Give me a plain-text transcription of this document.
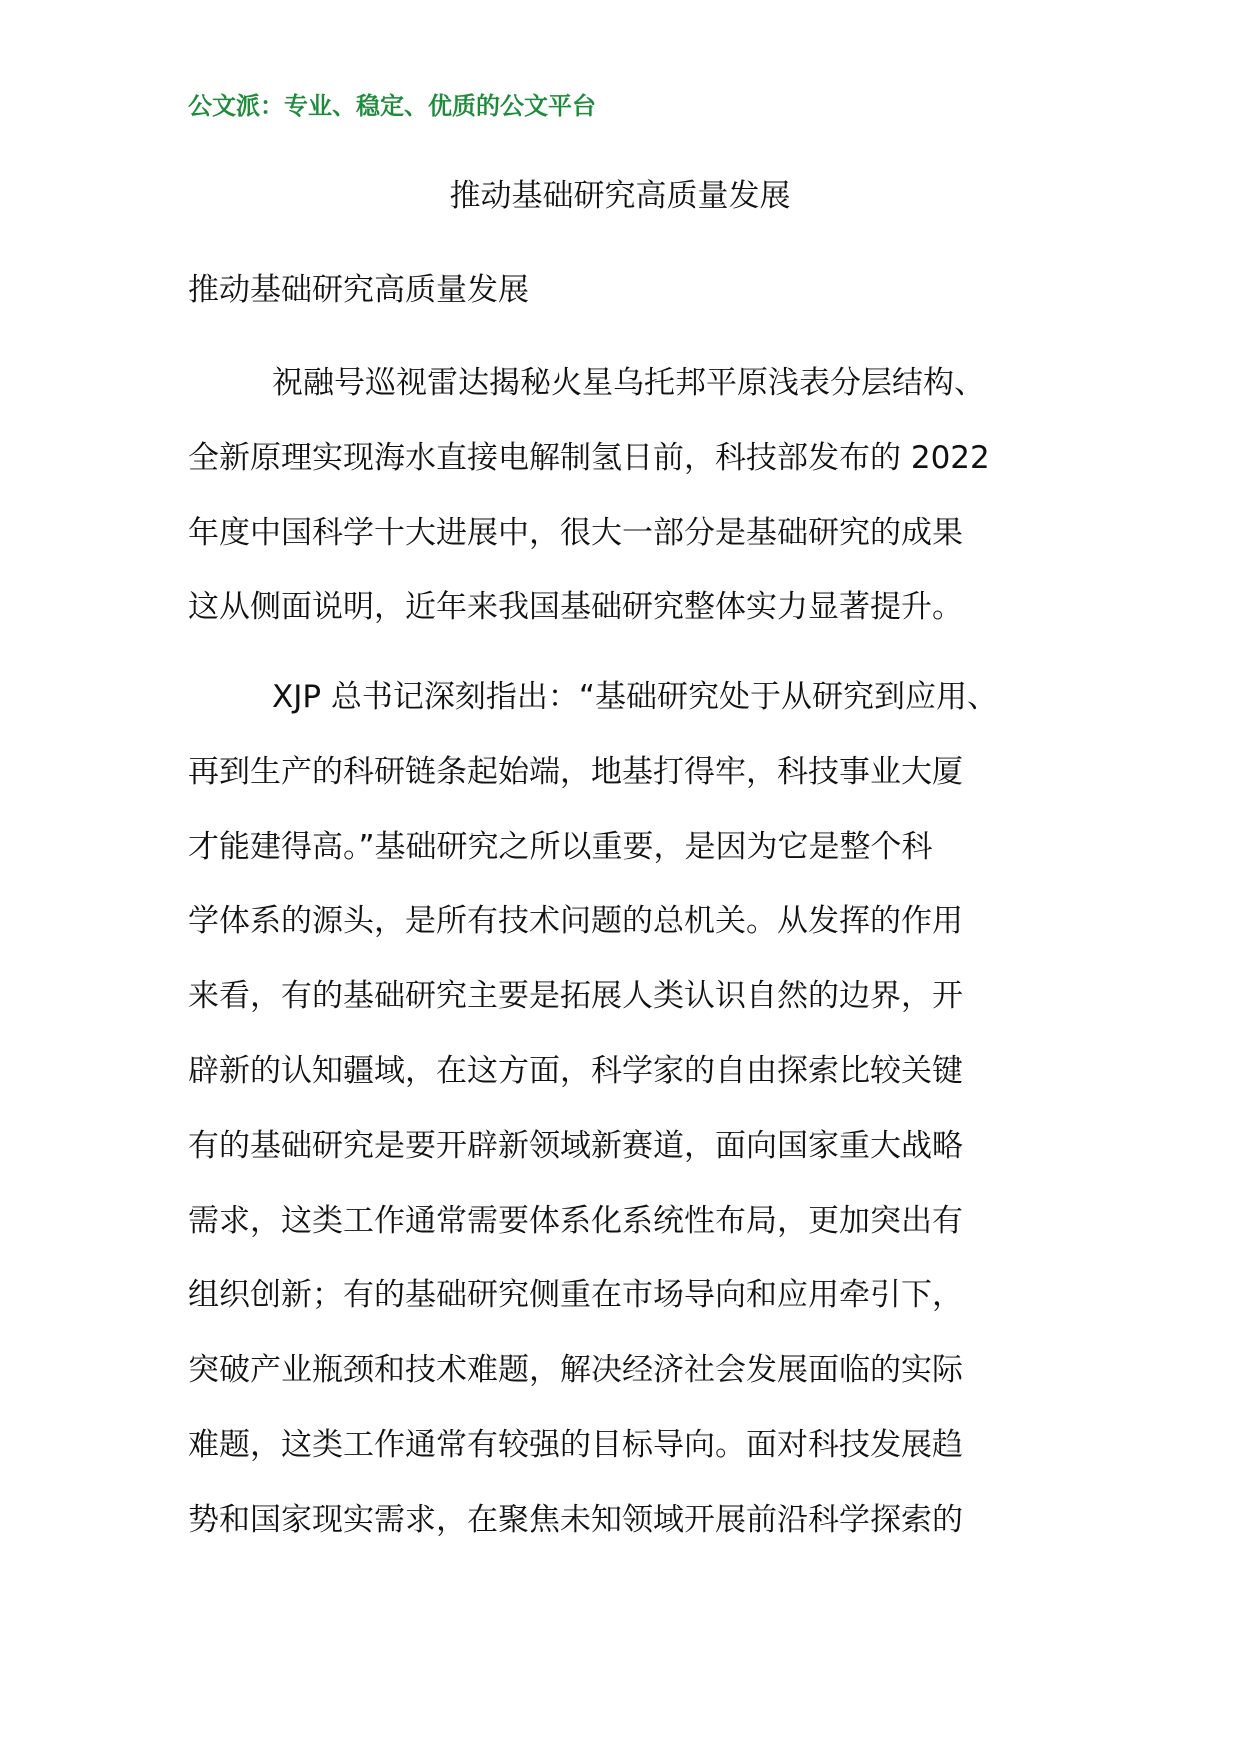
公文派：专业、稳定、优质的公文平台
推动基础研究高质量发展
推动基础研究高质量发展
祝融号巡视雷达揭秘火星乌托邦平原浅表分层结构、
全新原理实现海水直接电解制氢日前，科技部发布的 2022
年度中国科学十大进展中，很大一部分是基础研究的成果
这从侧面说明，近年来我国基础研究整体实力显著提升。
XJP 总书记深刻指出：“基础研究处于从研究到应用、
再到生产的科研链条起始端，地基打得牢，科技事业大厦
才能建得高。”基础研究之所以重要，是因为它是整个科
学体系的源头，是所有技术问题的总机关。从发挥的作用
来看，有的基础研究主要是拓展人类认识自然的边界，开
辟新的认知疆域，在这方面，科学家的自由探索比较关键
有的基础研究是要开辟新领域新赛道，面向国家重大战略
需求，这类工作通常需要体系化系统性布局，更加突出有
组织创新；有的基础研究侧重在市场导向和应用牵引下，
突破产业瓶颈和技术难题，解决经济社会发展面临的实际
难题，这类工作通常有较强的目标导向。面对科技发展趋
势和国家现实需求，在聚焦未知领域开展前沿科学探索的
